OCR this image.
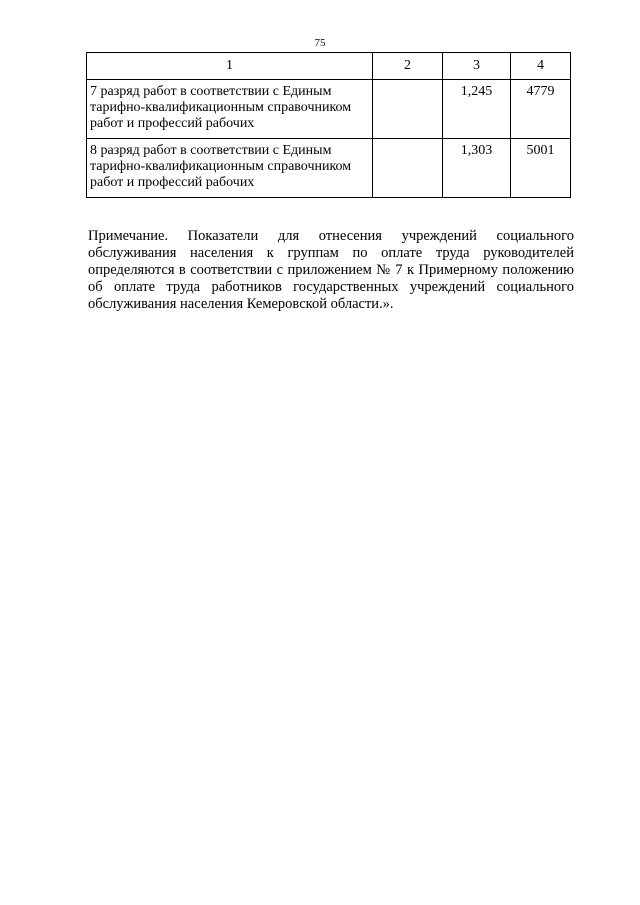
75
1	2	3	4
7 разряд работ в соответствии с Единым тарифно-квалификационным справочником работ и профессий рабочих		1,245	4779
8 разряд работ в соответствии с Единым тарифно-квалификационным справочником работ и профессий рабочих		1,303	5001

Примечание. Показатели для отнесения учреждений социального обслуживания населения к группам по оплате труда руководителей определяются в соответствии с приложением № 7 к Примерному положению об оплате труда работников государственных учреждений социального обслуживания населения Кемеровской области.».
